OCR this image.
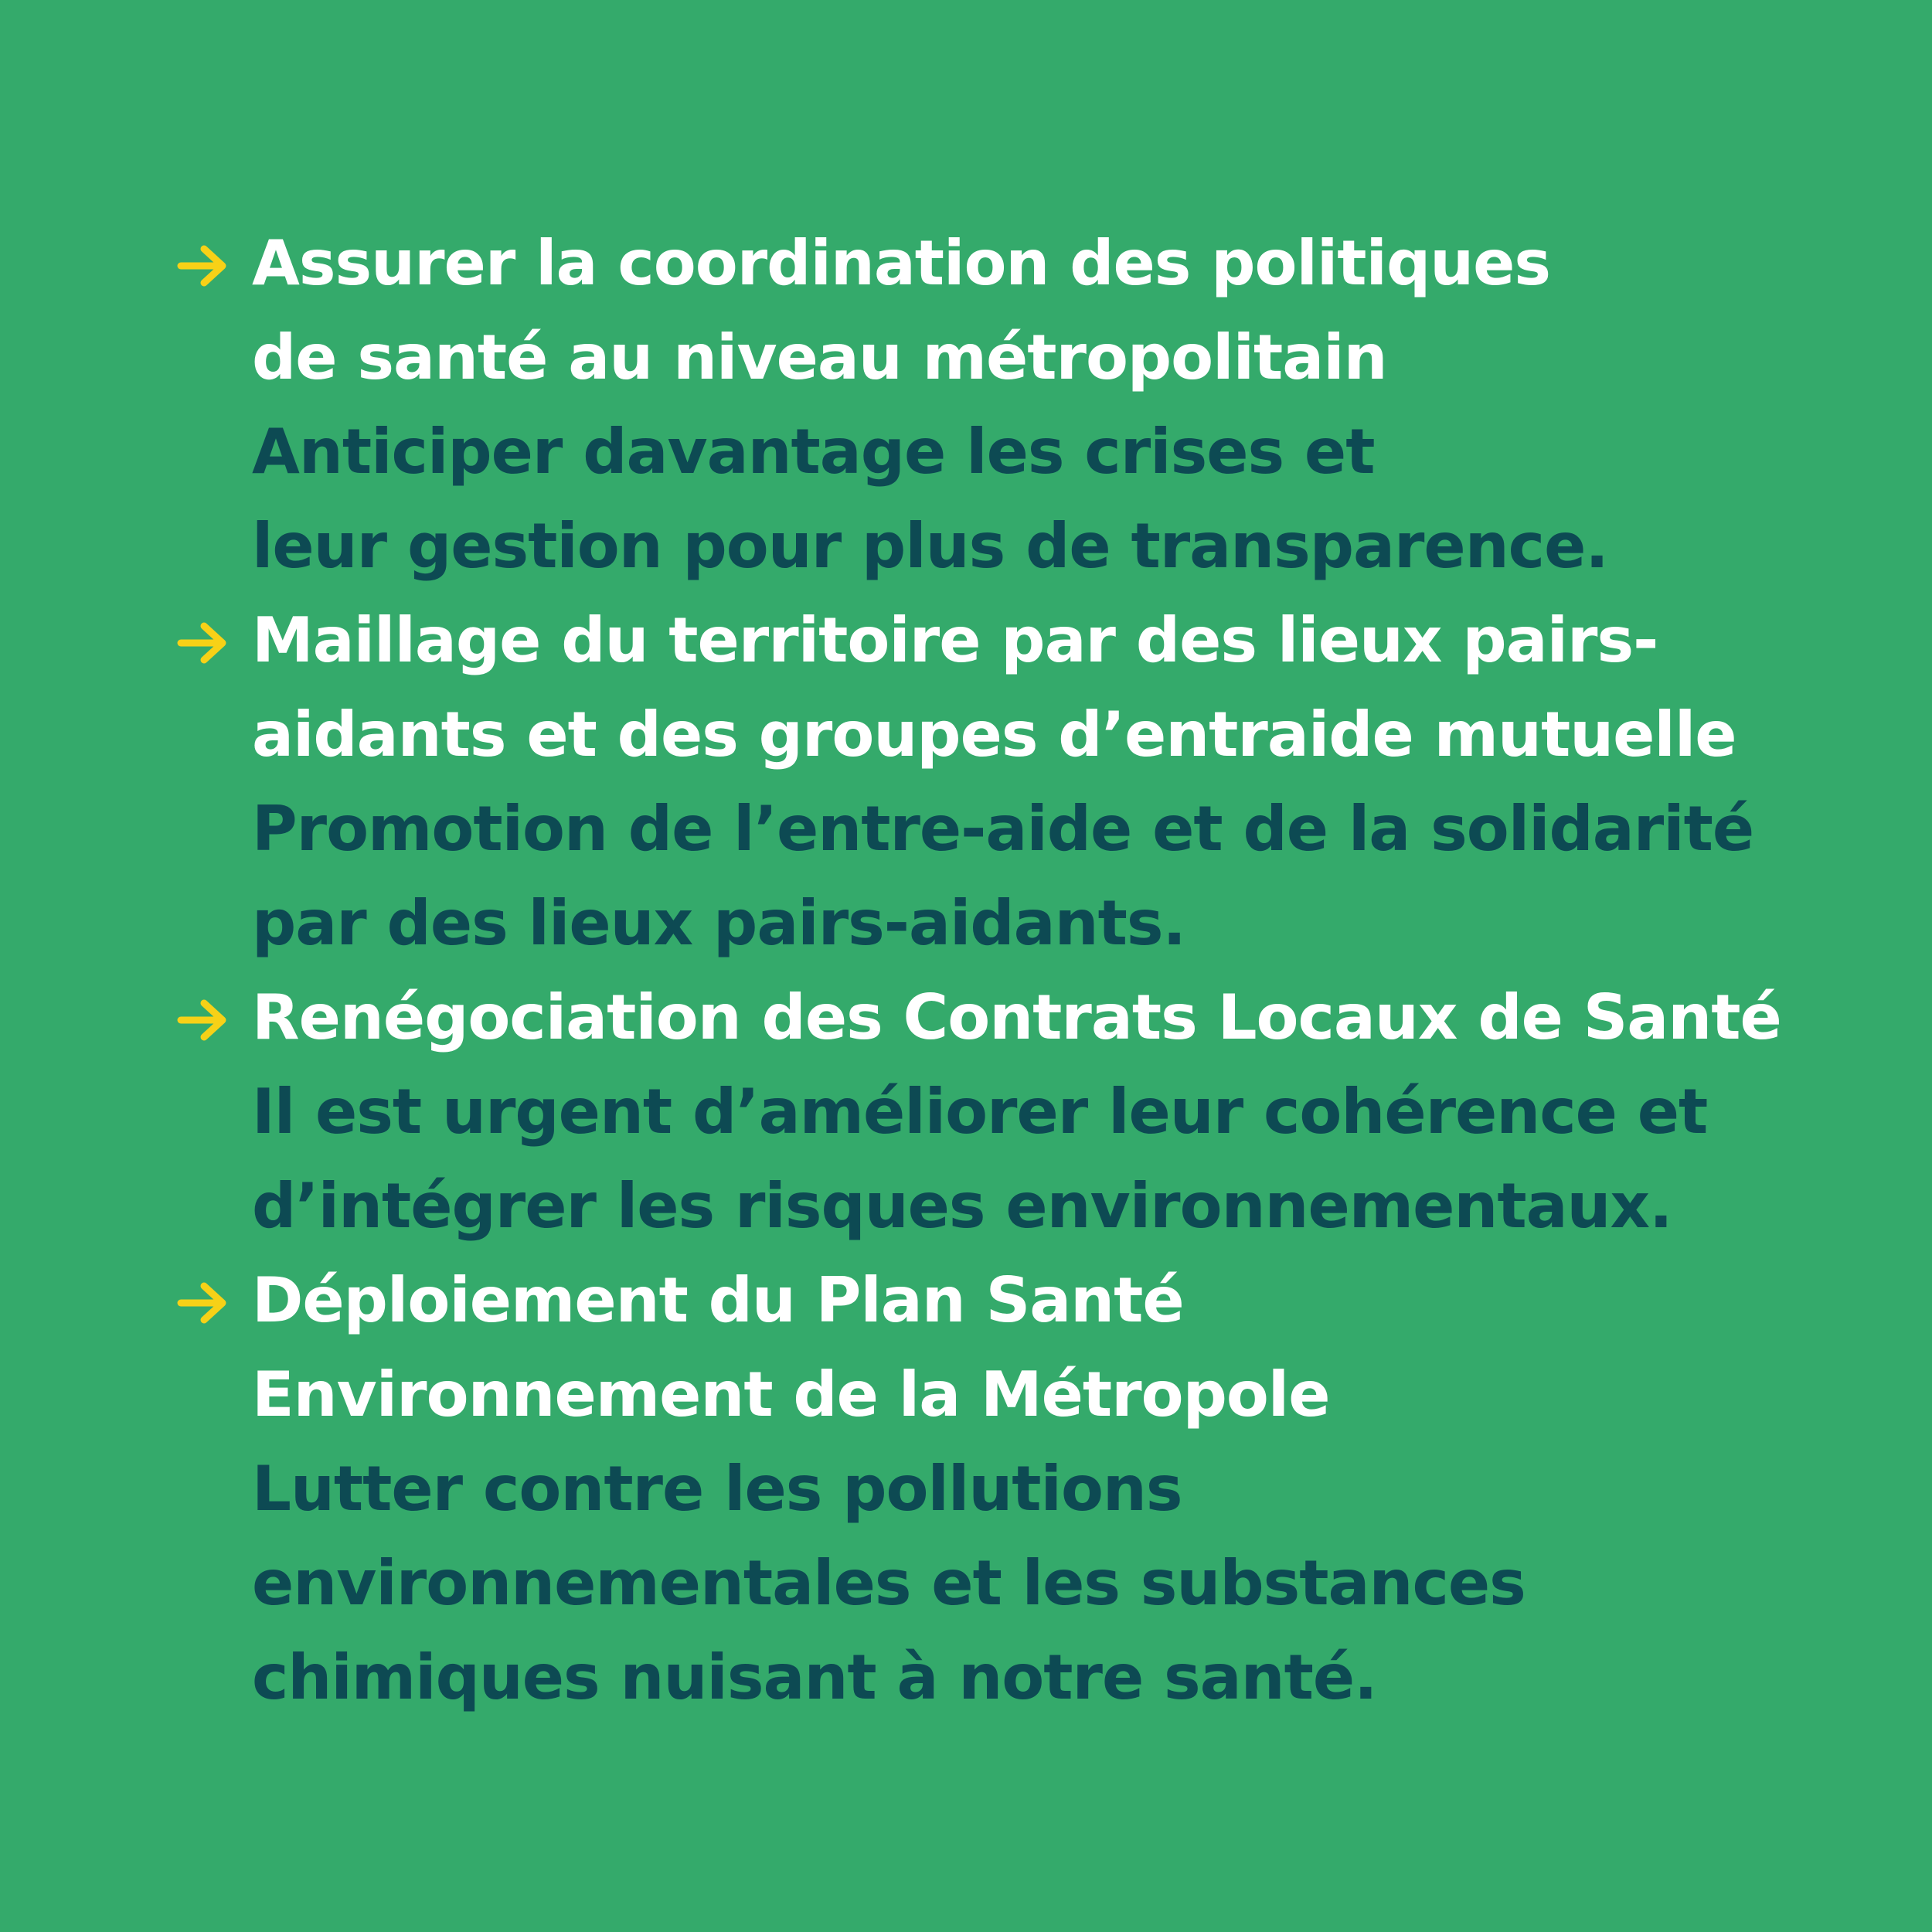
Assurer la coordination des politiques
de santé au niveau métropolitain
Anticiper davantage les crises et
leur gestion pour plus de transparence.
Maillage du territoire par des lieux pairs-
aidants et des groupes d’entraide mutuelle
Promotion de l’entre-aide et de la solidarité
par des lieux pairs-aidants.
Renégociation des Contrats Locaux de Santé
Il est urgent d’améliorer leur cohérence et
d’intégrer les risques environnementaux.
Déploiement du Plan Santé
Environnement de la Métropole
Lutter contre les pollutions
environnementales et les substances
chimiques nuisant à notre santé.
